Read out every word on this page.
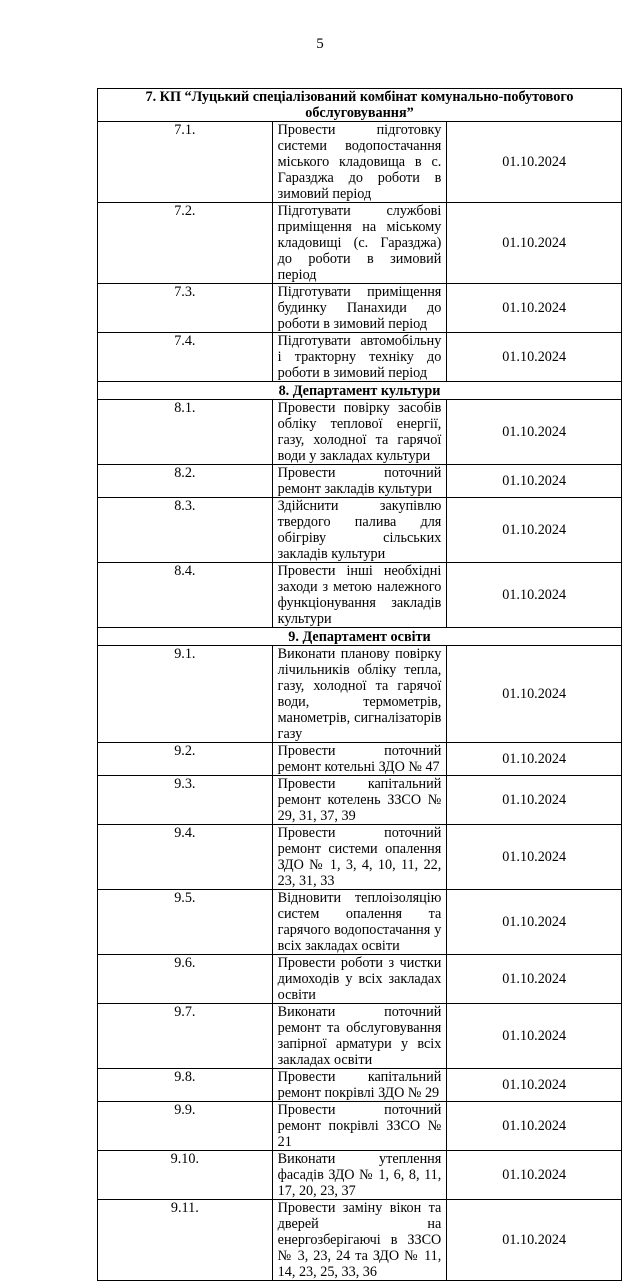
5
7. КП “Луцький спеціалізований комбінат комунально-побутового обслуговування”		
7.1.	Провести підготовку системи водопостачання міського кладовища в с. Гаразджа до роботи в зимовий період	01.10.2024
7.2.	Підготувати службові приміщення на міському кладовищі (с. Гаразджа) до роботи в зимовий період	01.10.2024
7.3.	Підготувати приміщення будинку Панахиди до роботи в зимовий період	01.10.2024
7.4.	Підготувати автомобільну і тракторну техніку до роботи в зимовий період	01.10.2024
8. Департамент культури		
8.1.	Провести повірку засобів обліку теплової енергії, газу, холодної та гарячої води у закладах культури	01.10.2024
8.2.	Провести поточний ремонт закладів культури	01.10.2024
8.3.	Здійснити закупівлю твердого палива для обігріву сільських закладів культури	01.10.2024
8.4.	Провести інші необхідні заходи з метою належного функціонування закладів культури	01.10.2024
9. Департамент освіти		
9.1.	Виконати планову повірку лічильників обліку тепла, газу, холодної та гарячої води, термометрів, манометрів, сигналізаторів газу	01.10.2024
9.2.	Провести поточний ремонт котельні ЗДО № 47	01.10.2024
9.3.	Провести капітальний ремонт котелень ЗЗСО № 29, 31, 37, 39	01.10.2024
9.4.	Провести поточний ремонт системи опалення ЗДО № 1, 3, 4, 10, 11, 22, 23, 31, 33	01.10.2024
9.5.	Відновити теплоізоляцію систем опалення та гарячого водопостачання у всіх закладах освіти	01.10.2024
9.6.	Провести роботи з чистки димоходів у всіх закладах освіти	01.10.2024
9.7.	Виконати поточний ремонт та обслуговування запірної арматури у всіх закладах освіти	01.10.2024
9.8.	Провести капітальний ремонт покрівлі ЗДО № 29	01.10.2024
9.9.	Провести поточний ремонт покрівлі ЗЗСО № 21	01.10.2024
9.10.	Виконати утеплення фасадів ЗДО № 1, 6, 8, 11, 17, 20, 23, 37	01.10.2024
9.11.	Провести заміну вікон та дверей на енергозберігаючі в ЗЗСО № 3, 23, 24 та ЗДО № 11, 14, 23, 25, 33, 36	01.10.2024
